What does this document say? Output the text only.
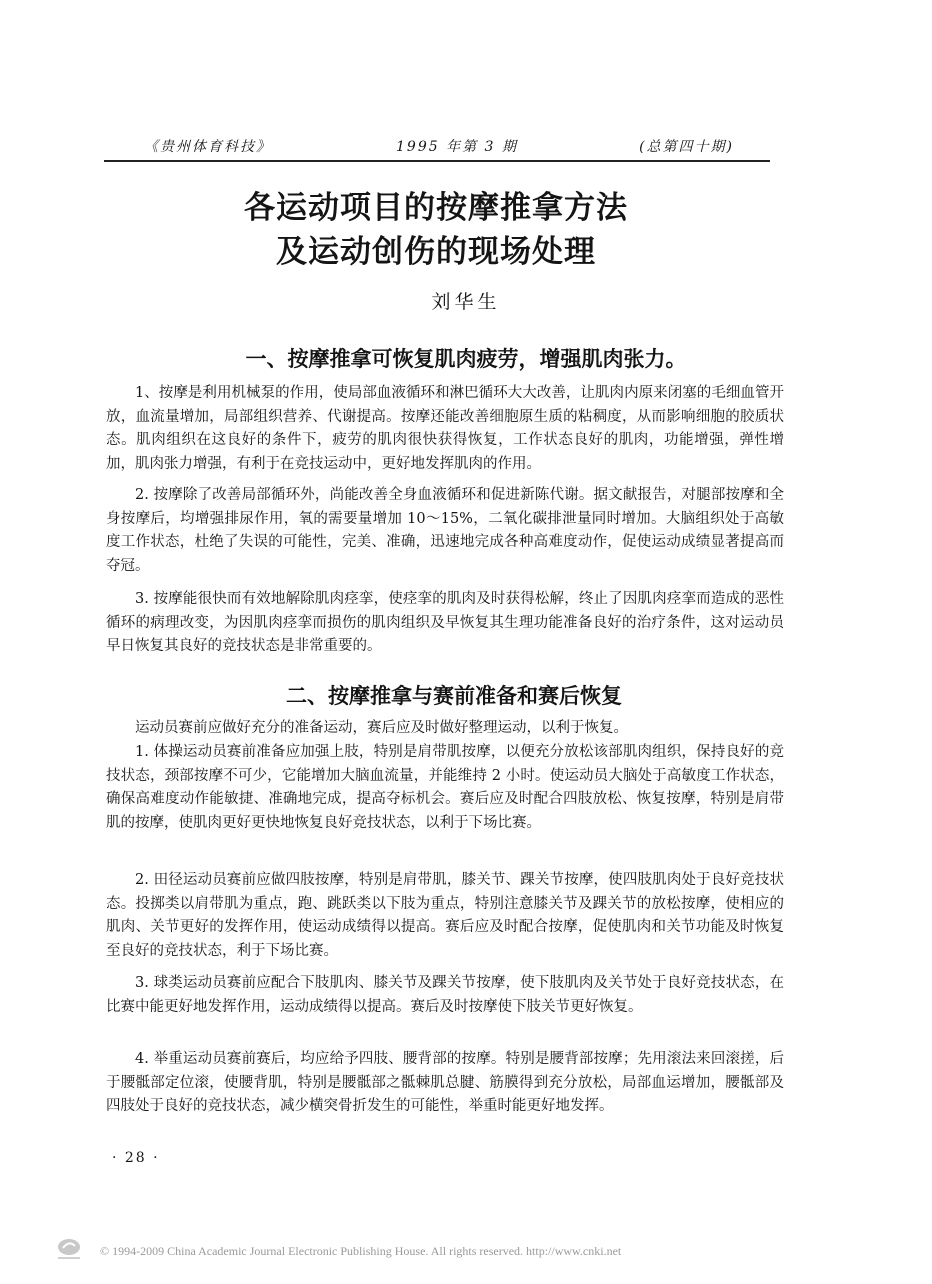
《贵州体育科技》	1995 年第 3 期	(总第四十期)
各运动项目的按摩推拿方法
及运动创伤的现场处理
刘华生
一、按摩推拿可恢复肌肉疲劳，增强肌肉张力。

1、按摩是利用机械泵的作用，使局部血液循环和淋巴循环大大改善，让肌肉内原来闭塞的毛细血管开放，血流量增加，局部组织营养、代谢提高。按摩还能改善细胞原生质的粘稠度，从而影响细胞的胶质状态。肌肉组织在这良好的条件下，疲劳的肌肉很快获得恢复，工作状态良好的肌肉，功能增强，弹性增加，肌肉张力增强，有利于在竞技运动中，更好地发挥肌肉的作用。

2. 按摩除了改善局部循环外，尚能改善全身血液循环和促进新陈代谢。据文献报告，对腿部按摩和全身按摩后，均增强排尿作用，氧的需要量增加 10～15%，二氧化碳排泄量同时增加。大脑组织处于高敏度工作状态，杜绝了失误的可能性，完美、准确，迅速地完成各种高难度动作，促使运动成绩显著提高而夺冠。

3. 按摩能很快而有效地解除肌肉痉挛，使痉挛的肌肉及时获得松解，终止了因肌肉痉挛而造成的恶性循环的病理改变，为因肌肉痉挛而损伤的肌肉组织及早恢复其生理功能准备良好的治疗条件，这对运动员早日恢复其良好的竞技状态是非常重要的。

二、按摩推拿与赛前准备和赛后恢复

运动员赛前应做好充分的准备运动，赛后应及时做好整理运动，以利于恢复。

1. 体操运动员赛前准备应加强上肢，特别是肩带肌按摩，以便充分放松该部肌肉组织，保持良好的竞技状态，颈部按摩不可少，它能增加大脑血流量，并能维持 2 小时。使运动员大脑处于高敏度工作状态，确保高难度动作能敏捷、准确地完成，提高夺标机会。赛后应及时配合四肢放松、恢复按摩，特别是肩带肌的按摩，使肌肉更好更快地恢复良好竞技状态，以利于下场比赛。

2. 田径运动员赛前应做四肢按摩，特别是肩带肌，膝关节、踝关节按摩，使四肢肌肉处于良好竞技状态。投掷类以肩带肌为重点，跑、跳跃类以下肢为重点，特别注意膝关节及踝关节的放松按摩，使相应的肌肉、关节更好的发挥作用，使运动成绩得以提高。赛后应及时配合按摩，促使肌肉和关节功能及时恢复至良好的竞技状态，利于下场比赛。

3. 球类运动员赛前应配合下肢肌肉、膝关节及踝关节按摩，使下肢肌肉及关节处于良好竞技状态，在比赛中能更好地发挥作用，运动成绩得以提高。赛后及时按摩使下肢关节更好恢复。

4. 举重运动员赛前赛后，均应给予四肢、腰背部的按摩。特别是腰背部按摩；先用滚法来回滚搓，后于腰骶部定位滚，使腰背肌，特别是腰骶部之骶棘肌总腱、筋膜得到充分放松，局部血运增加，腰骶部及四肢处于良好的竞技状态，减少横突骨折发生的可能性，举重时能更好地发挥。

· 28 ·
© 1994-2009 China Academic Journal Electronic Publishing House. All rights reserved. http://www.cnki.net
